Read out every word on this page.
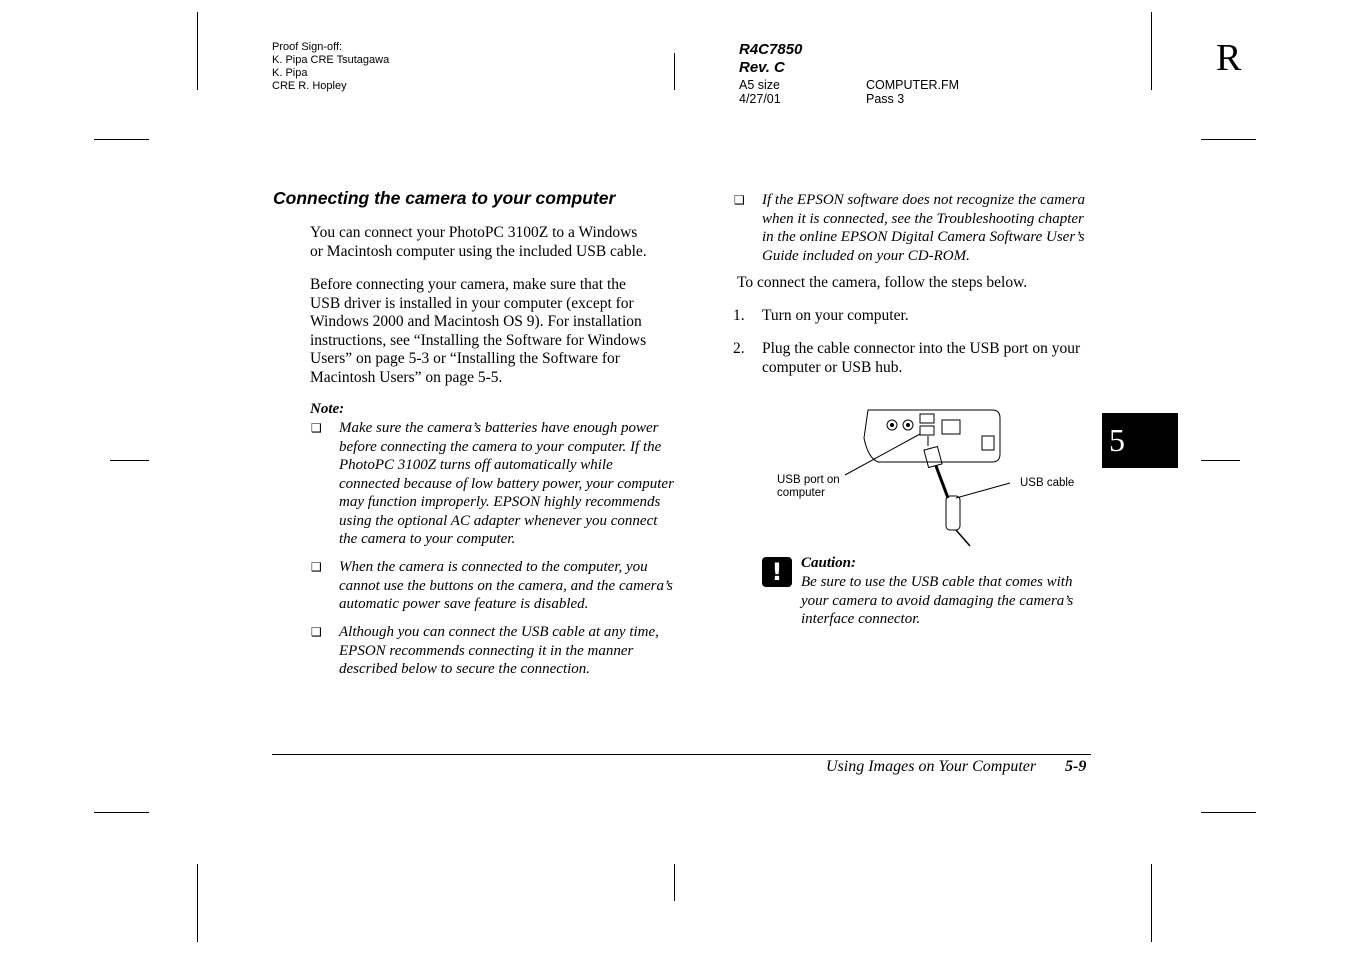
Proof Sign-off:
K. Pipa CRE Tsutagawa
K. Pipa
CRE R. Hopley
R4C7850
Rev. C
A5 size
4/27/01
COMPUTER.FM
Pass 3
R
5
Connecting the camera to your computer
You can connect your PhotoPC 3100Z to a Windows
or Macintosh computer using the included USB cable.
Before connecting your camera, make sure that the
USB driver is installed in your computer (except for
Windows 2000 and Macintosh OS 9). For installation
instructions, see “Installing the Software for Windows
Users” on page 5-3 or “Installing the Software for
Macintosh Users” on page 5-5.
Note:
❑ Make sure the camera’s batteries have enough power
before connecting the camera to your computer. If the
PhotoPC 3100Z turns off automatically while
connected because of low battery power, your computer
may function improperly. EPSON highly recommends
using the optional AC adapter whenever you connect
the camera to your computer.
❑ When the camera is connected to the computer, you
cannot use the buttons on the camera, and the camera’s
automatic power save feature is disabled.
❑ Although you can connect the USB cable at any time,
EPSON recommends connecting it in the manner
described below to secure the connection.
❑ If the EPSON software does not recognize the camera
when it is connected, see the Troubleshooting chapter
in the online EPSON Digital Camera Software User’s
Guide included on your CD-ROM.
To connect the camera, follow the steps below.
1. Turn on your computer.
2. Plug the cable connector into the USB port on your
computer or USB hub.
USB port on
computer
USB cable
!	Caution:
Be sure to use the USB cable that comes with
your camera to avoid damaging the camera’s
interface connector.
Using Images on Your Computer 5-9
